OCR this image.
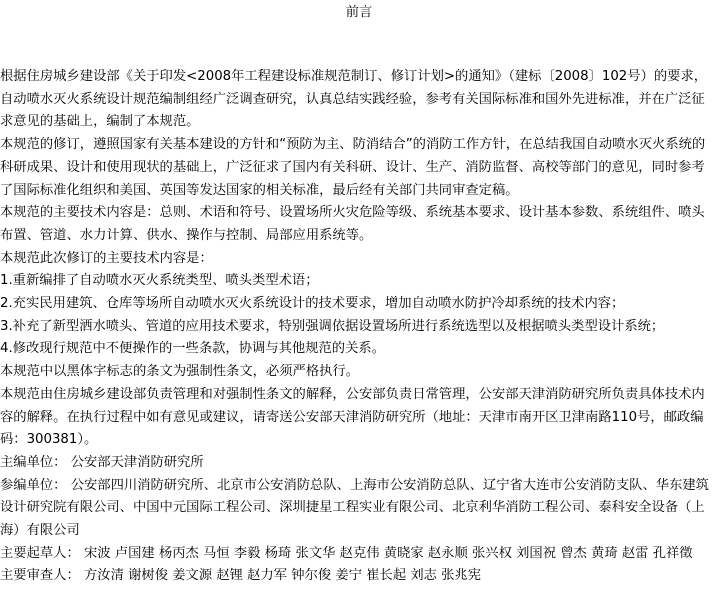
前言

根据住房城乡建设部《关于印发<2008年工程建设标准规范制订、修订计划>的通知》（建标〔2008〕102号）的要求，自动喷水灭火系统设计规范编制组经广泛调查研究，认真总结实践经验，参考有关国际标准和国外先进标准，并在广泛征求意见的基础上，编制了本规范。

本规范的修订，遵照国家有关基本建设的方针和“预防为主、防消结合”的消防工作方针，在总结我国自动喷水灭火系统的科研成果、设计和使用现状的基础上，广泛征求了国内有关科研、设计、生产、消防监督、高校等部门的意见，同时参考了国际标准化组织和美国、英国等发达国家的相关标准，最后经有关部门共同审查定稿。

本规范的主要技术内容是：总则、术语和符号、设置场所火灾危险等级、系统基本要求、设计基本参数、系统组件、喷头布置、管道、水力计算、供水、操作与控制、局部应用系统等。

本规范此次修订的主要技术内容是：

1.重新编排了自动喷水灭火系统类型、喷头类型术语；

2.充实民用建筑、仓库等场所自动喷水灭火系统设计的技术要求，增加自动喷水防护冷却系统的技术内容；

3.补充了新型洒水喷头、管道的应用技术要求，特别强调依据设置场所进行系统选型以及根据喷头类型设计系统；

4.修改现行规范中不便操作的一些条款，协调与其他规范的关系。

本规范中以黑体字标志的条文为强制性条文，必须严格执行。

本规范由住房城乡建设部负责管理和对强制性条文的解释，公安部负责日常管理，公安部天津消防研究所负责具体技术内容的解释。在执行过程中如有意见或建议，请寄送公安部天津消防研究所（地址：天津市南开区卫津南路110号，邮政编码：300381）。

主编单位： 公安部天津消防研究所

参编单位： 公安部四川消防研究所、北京市公安消防总队、上海市公安消防总队、辽宁省大连市公安消防支队、华东建筑设计研究院有限公司、中国中元国际工程公司、深圳捷星工程实业有限公司、北京利华消防工程公司、泰科安全设备（上海）有限公司

主要起草人： 宋波 卢国建 杨丙杰 马恒 李毅 杨琦 张文华 赵克伟 黄晓家 赵永顺 张兴权 刘国祝 曾杰 黄琦 赵雷 孔祥徵

主要审查人： 方汝清 谢树俊 姜文源 赵锂 赵力军 钟尔俊 姜宁 崔长起 刘志 张兆宪
